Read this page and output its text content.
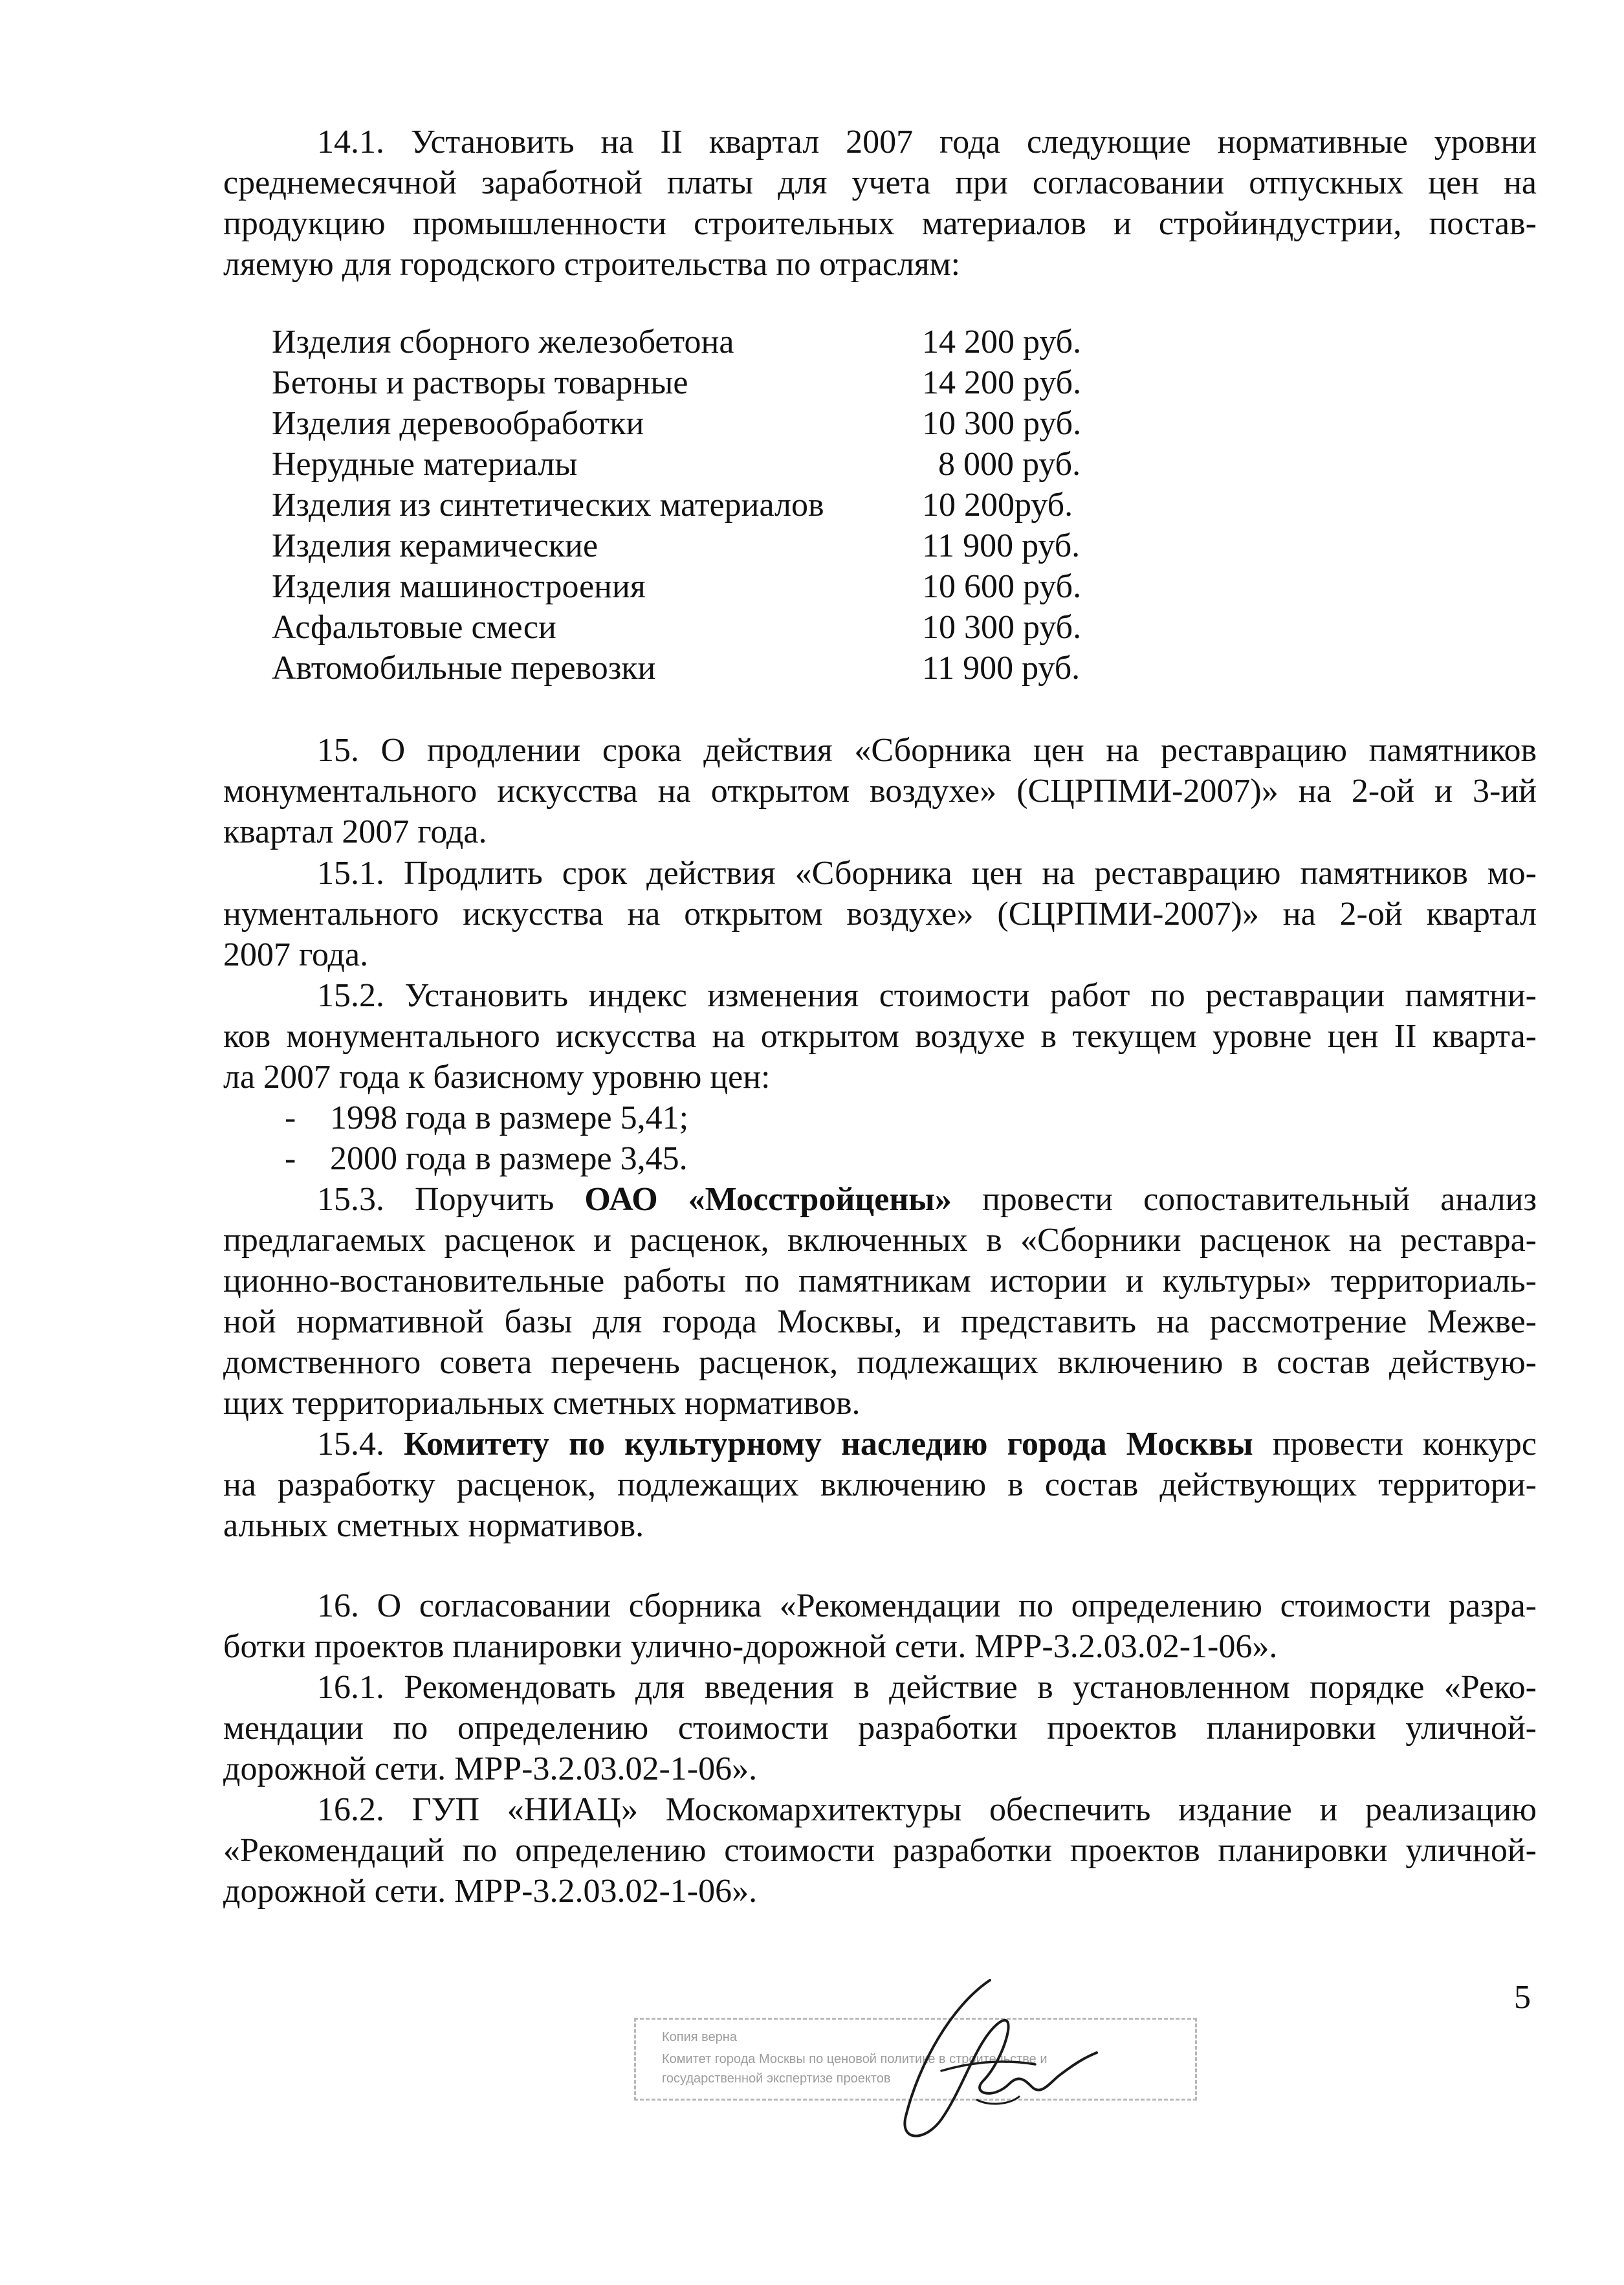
14.1. Установить на II квартал 2007 года следующие нормативные уровни
среднемесячной заработной платы для учета при согласовании отпускных цен на
продукцию промышленности строительных материалов и стройиндустрии, постав-
ляемую для городского строительства по отраслям:
Изделия сборного железобетона	14 200 руб.
Бетоны и растворы товарные	14 200 руб.
Изделия деревообработки	10 300 руб.
Нерудные материалы	8 000 руб.
Изделия из синтетических материалов	10 200руб.
Изделия керамические	11 900 руб.
Изделия машиностроения	10 600 руб.
Асфальтовые смеси	10 300 руб.
Автомобильные перевозки	11 900 руб.
15. О продлении срока действия «Сборника цен на реставрацию памятников
монументального искусства на открытом воздухе» (СЦРПМИ-2007)» на 2-ой и 3-ий
квартал 2007 года.
15.1. Продлить срок действия «Сборника цен на реставрацию памятников мо-
нументального искусства на открытом воздухе» (СЦРПМИ-2007)» на 2-ой квартал
2007 года.
15.2. Установить индекс изменения стоимости работ по реставрации памятни-
ков монументального искусства на открытом воздухе в текущем уровне цен II кварта-
ла 2007 года к базисному уровню цен:
- 1998 года в размере 5,41;
- 2000 года в размере 3,45.
15.3. Поручить ОАО «Мосстройцены» провести сопоставительный анализ
предлагаемых расценок и расценок, включенных в «Сборники расценок на реставра-
ционно-востановительные работы по памятникам истории и культуры» территориаль-
ной нормативной базы для города Москвы, и представить на рассмотрение Межве-
домственного совета перечень расценок, подлежащих включению в состав действую-
щих территориальных сметных нормативов.
15.4. Комитету по культурному наследию города Москвы провести конкурс
на разработку расценок, подлежащих включению в состав действующих территори-
альных сметных нормативов.
16. О согласовании сборника «Рекомендации по определению стоимости разра-
ботки проектов планировки улично-дорожной сети. МРР-3.2.03.02-1-06».
16.1. Рекомендовать для введения в действие в установленном порядке «Реко-
мендации по определению стоимости разработки проектов планировки уличной-
дорожной сети. МРР-3.2.03.02-1-06».
16.2. ГУП «НИАЦ» Москомархитектуры обеспечить издание и реализацию
«Рекомендаций по определению стоимости разработки проектов планировки уличной-
дорожной сети. МРР-3.2.03.02-1-06».
5
Копия верна
Комитет города Москвы по ценовой политике в строительстве и
государственной экспертизе проектов
